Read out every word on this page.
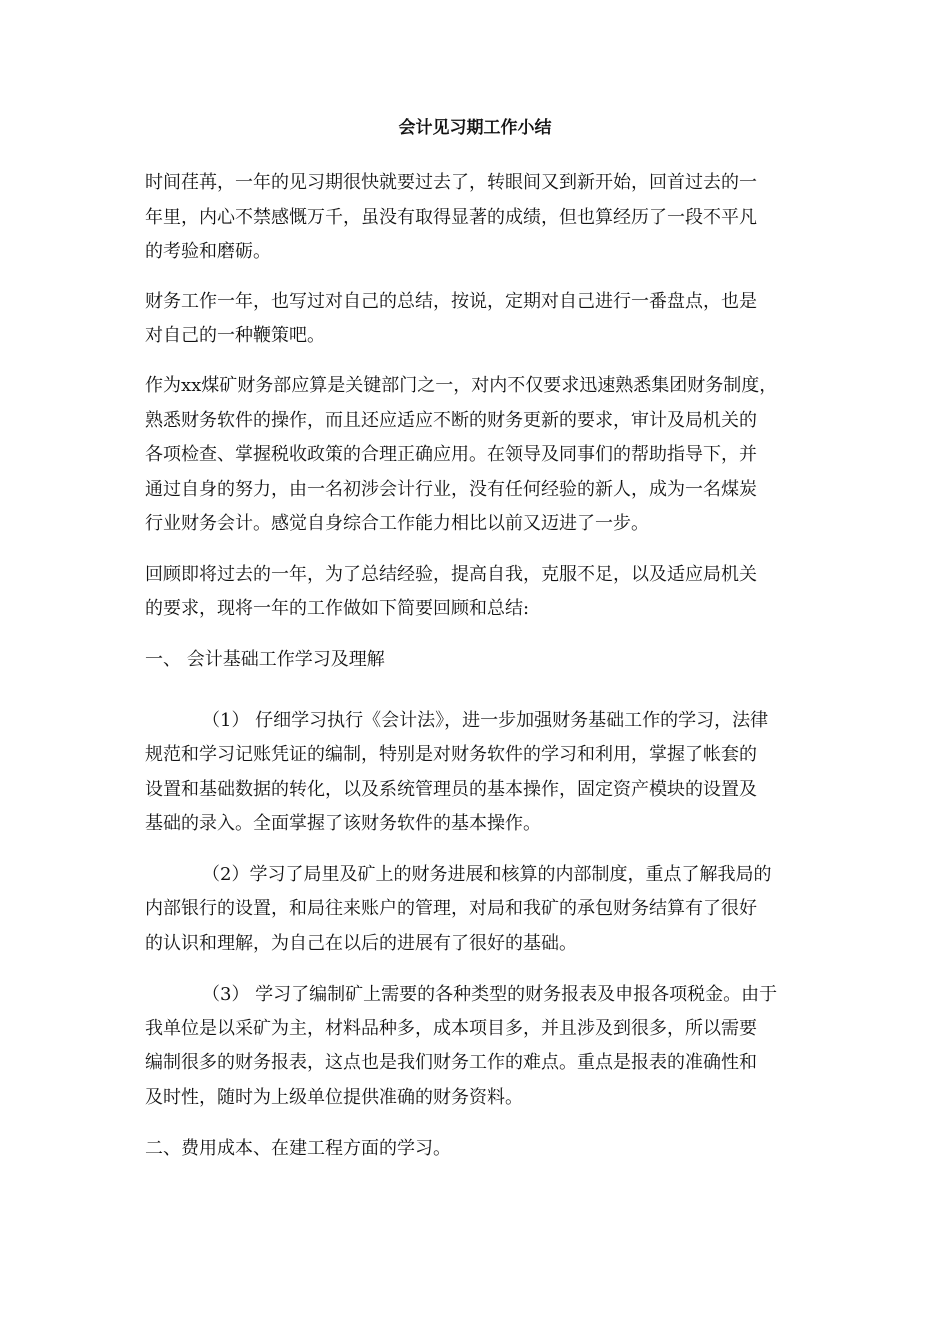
会计见习期工作小结
时间荏苒，一年的见习期很快就要过去了，转眼间又到新开始，回首过去的一
年里，内心不禁感慨万千，虽没有取得显著的成绩，但也算经历了一段不平凡
的考验和磨砺。
财务工作一年，也写过对自己的总结，按说，定期对自己进行一番盘点，也是
对自己的一种鞭策吧。
作为xx煤矿财务部应算是关键部门之一，对内不仅要求迅速熟悉集团财务制度，
熟悉财务软件的操作，而且还应适应不断的财务更新的要求，审计及局机关的
各项检查、掌握税收政策的合理正确应用。在领导及同事们的帮助指导下，并
通过自身的努力，由一名初涉会计行业，没有任何经验的新人，成为一名煤炭
行业财务会计。感觉自身综合工作能力相比以前又迈进了一步。
回顾即将过去的一年，为了总结经验，提高自我，克服不足，以及适应局机关
的要求，现将一年的工作做如下简要回顾和总结:
一、 会计基础工作学习及理解
（1） 仔细学习执行《会计法》，进一步加强财务基础工作的学习，法律
规范和学习记账凭证的编制，特别是对财务软件的学习和利用，掌握了帐套的
设置和基础数据的转化，以及系统管理员的基本操作，固定资产模块的设置及
基础的录入。全面掌握了该财务软件的基本操作。
（2）学习了局里及矿上的财务进展和核算的内部制度，重点了解我局的
内部银行的设置，和局往来账户的管理，对局和我矿的承包财务结算有了很好
的认识和理解，为自己在以后的进展有了很好的基础。
（3） 学习了编制矿上需要的各种类型的财务报表及申报各项税金。由于
我单位是以采矿为主，材料品种多，成本项目多，并且涉及到很多，所以需要
编制很多的财务报表，这点也是我们财务工作的难点。重点是报表的准确性和
及时性，随时为上级单位提供准确的财务资料。
二、费用成本、在建工程方面的学习。
